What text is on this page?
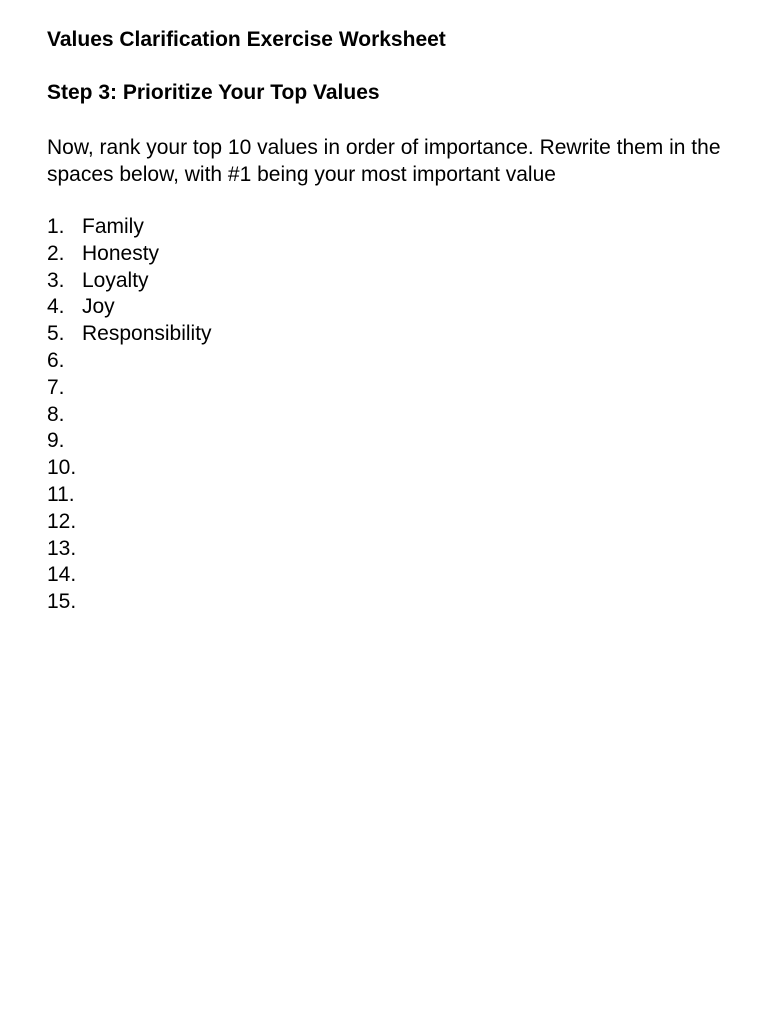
Values Clarification Exercise Worksheet
Step 3: Prioritize Your Top Values
Now, rank your top 10 values in order of importance. Rewrite them in the spaces below, with #1 being your most important value
1. Family
2. Honesty
3. Loyalty
4. Joy
5. Responsibility
6.
7.
8.
9.
10.
11.
12.
13.
14.
15.
